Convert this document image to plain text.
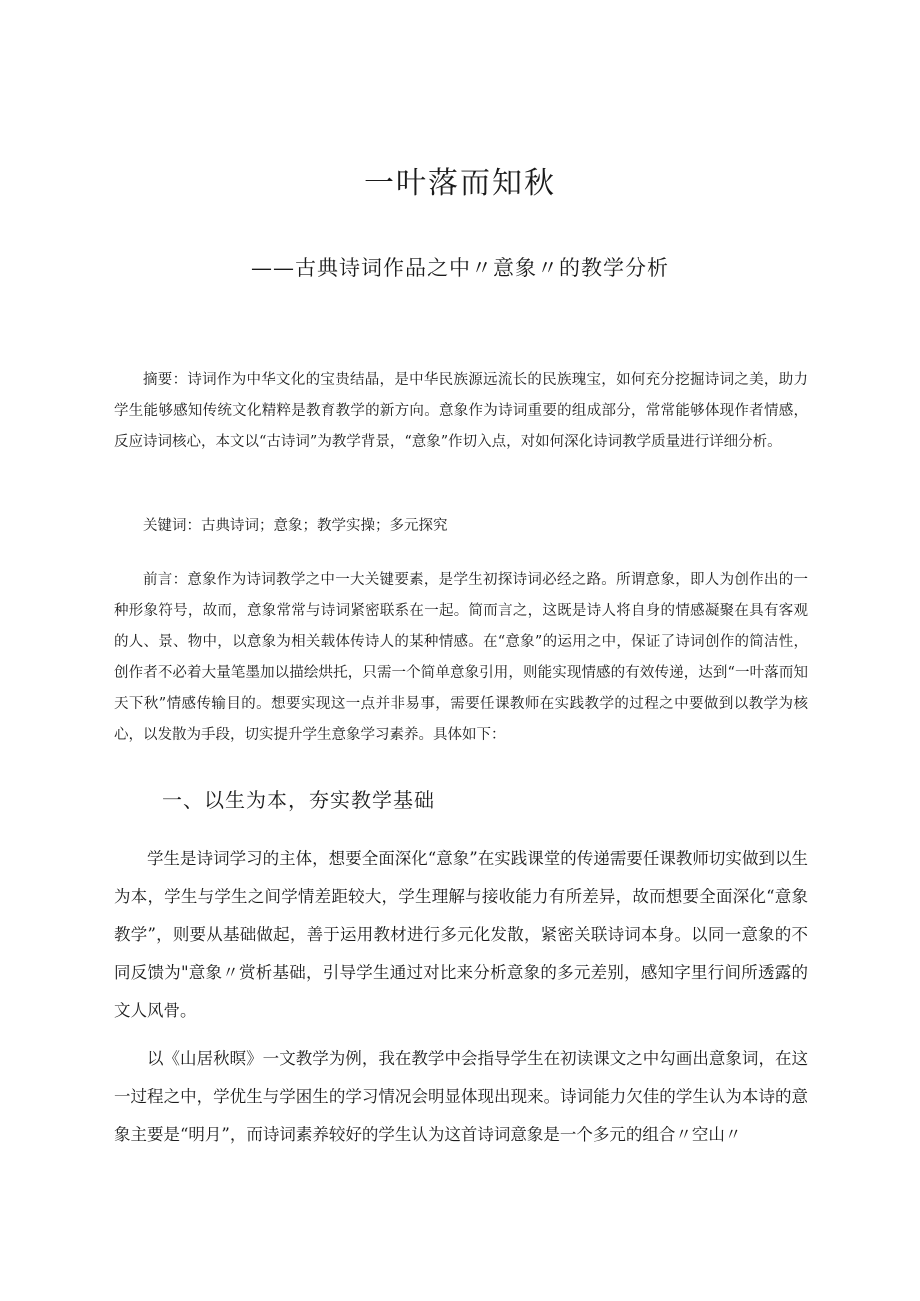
一叶落而知秋
——古典诗词作品之中〃意象〃的教学分析

摘要：诗词作为中华文化的宝贵结晶，是中华民族源远流长的民族瑰宝，如何充分挖掘诗词之美，助力学生能够感知传统文化精粹是教育教学的新方向。意象作为诗词重要的组成部分，常常能够体现作者情感，反应诗词核心，本文以“古诗词”为教学背景，“意象”作切入点，对如何深化诗词教学质量进行详细分析。

关键词：古典诗词；意象；教学实操；多元探究

前言：意象作为诗词教学之中一大关键要素，是学生初探诗词必经之路。所谓意象，即人为创作出的一种形象符号，故而，意象常常与诗词紧密联系在一起。简而言之，这既是诗人将自身的情感凝聚在具有客观的人、景、物中，以意象为相关载体传诗人的某种情感。在“意象”的运用之中，保证了诗词创作的简洁性，创作者不必着大量笔墨加以描绘烘托，只需一个简单意象引用，则能实现情感的有效传递，达到“一叶落而知天下秋”情感传输目的。想要实现这一点并非易事，需要任课教师在实践教学的过程之中要做到以教学为核心，以发散为手段，切实提升学生意象学习素养。具体如下：

一、以生为本，夯实教学基础

学生是诗词学习的主体，想要全面深化“意象”在实践课堂的传递需要任课教师切实做到以生为本，学生与学生之间学情差距较大，学生理解与接收能力有所差异，故而想要全面深化“意象教学”，则要从基础做起，善于运用教材进行多元化发散，紧密关联诗词本身。以同一意象的不同反馈为"意象〃赏析基础，引导学生通过对比来分析意象的多元差别，感知字里行间所透露的文人风骨。

以《山居秋暝》一文教学为例，我在教学中会指导学生在初读课文之中勾画出意象词，在这一过程之中，学优生与学困生的学习情况会明显体现出现来。诗词能力欠佳的学生认为本诗的意象主要是“明月”，而诗词素养较好的学生认为这首诗词意象是一个多元的组合〃空山〃
